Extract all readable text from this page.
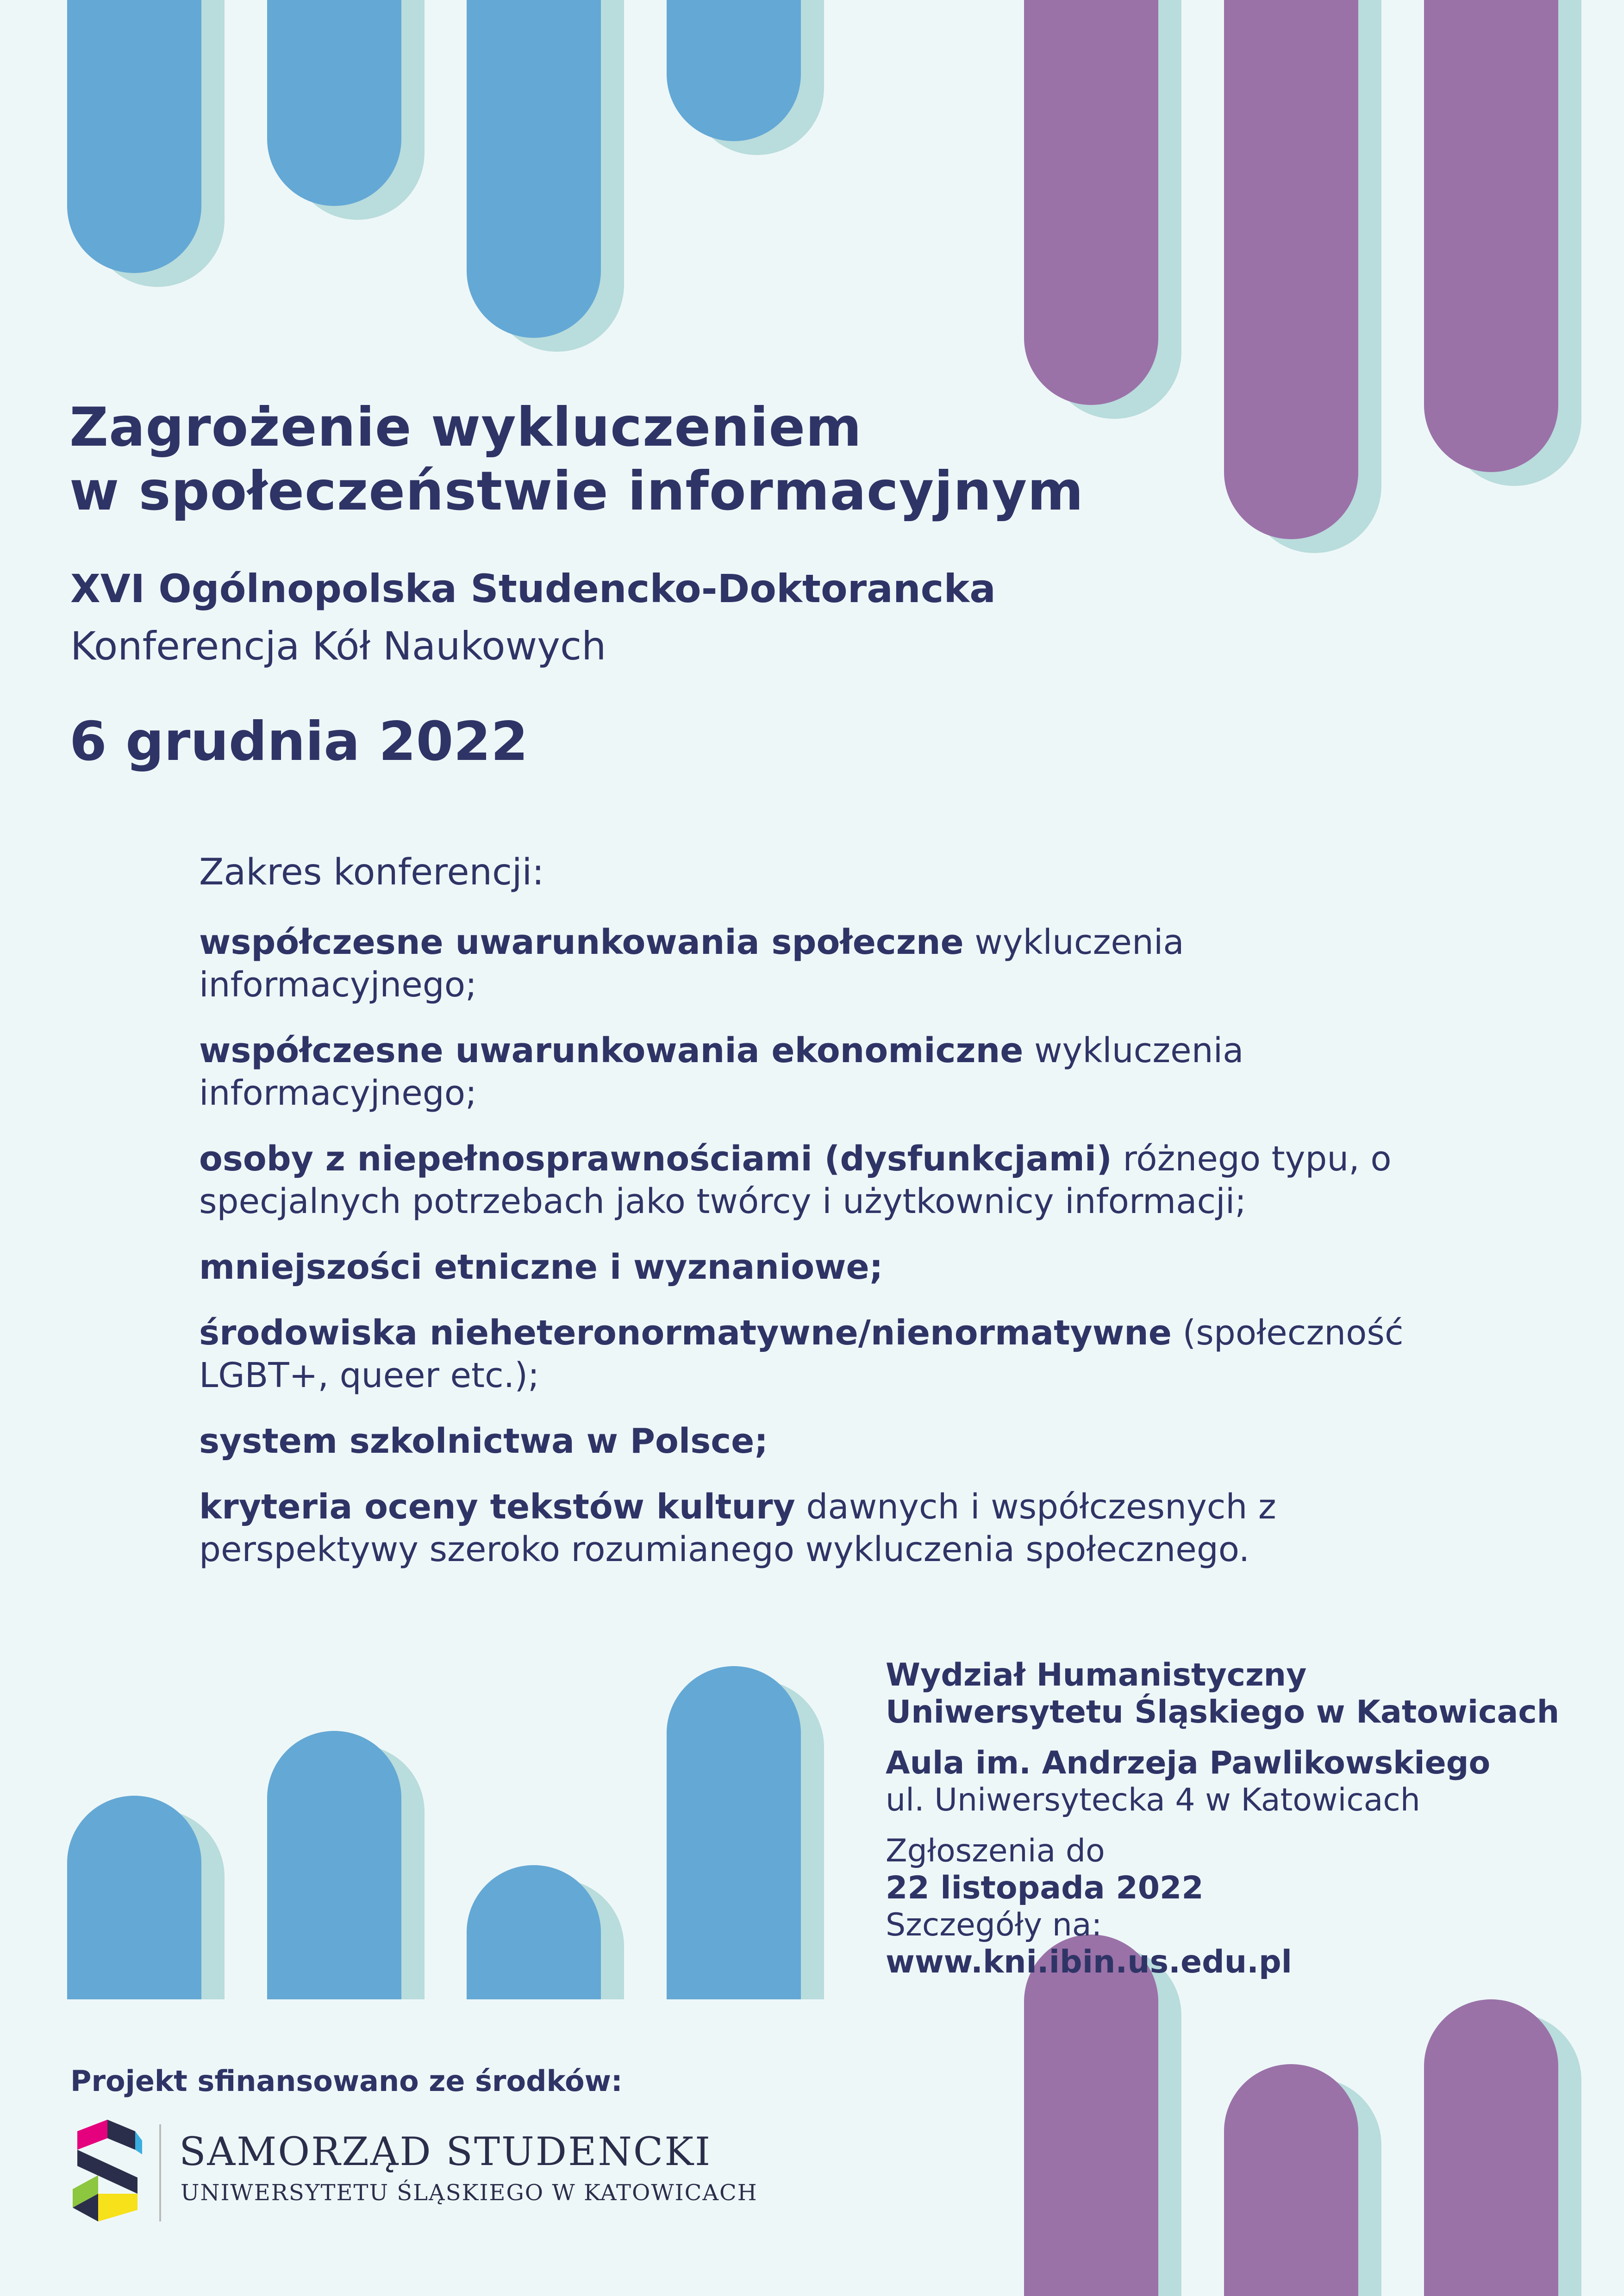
Zagrożenie wykluczeniem
w społeczeństwie informacyjnym
XVI Ogólnopolska Studencko-Doktorancka
Konferencja Kół Naukowych
6 grudnia 2022
Zakres konferencji:
współczesne uwarunkowania społeczne wykluczenia informacyjnego;
współczesne uwarunkowania ekonomiczne wykluczenia informacyjnego;
osoby z niepełnosprawnościami (dysfunkcjami) różnego typu, o specjalnych potrzebach jako twórcy i użytkownicy informacji;
mniejszości etniczne i wyznaniowe;
środowiska nieheteronormatywne/nienormatywne (społeczność LGBT+, queer etc.);
system szkolnictwa w Polsce;
kryteria oceny tekstów kultury dawnych i współczesnych z perspektywy szeroko rozumianego wykluczenia społecznego.
Wydział Humanistyczny
Uniwersytetu Śląskiego w Katowicach
Aula im. Andrzeja Pawlikowskiego
ul. Uniwersytecka 4 w Katowicach
Zgłoszenia do
22 listopada 2022
Szczegóły na:
www.kni.ibin.us.edu.pl
Projekt sfinansowano ze środków:
SAMORZĄD STUDENCKI
UNIWERSYTETU ŚLĄSKIEGO W KATOWICACH
